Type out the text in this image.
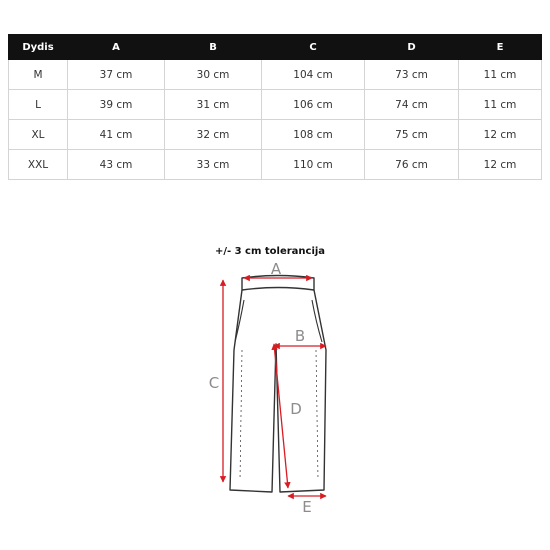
Dydis	A	B	C	D	E
M	37 cm	30 cm	104 cm	73 cm	11 cm
L	39 cm	31 cm	106 cm	74 cm	11 cm
XL	41 cm	32 cm	108 cm	75 cm	12 cm
XXL	43 cm	33 cm	110 cm	76 cm	12 cm
+/- 3 cm tolerancija
A
B
C
D
E
